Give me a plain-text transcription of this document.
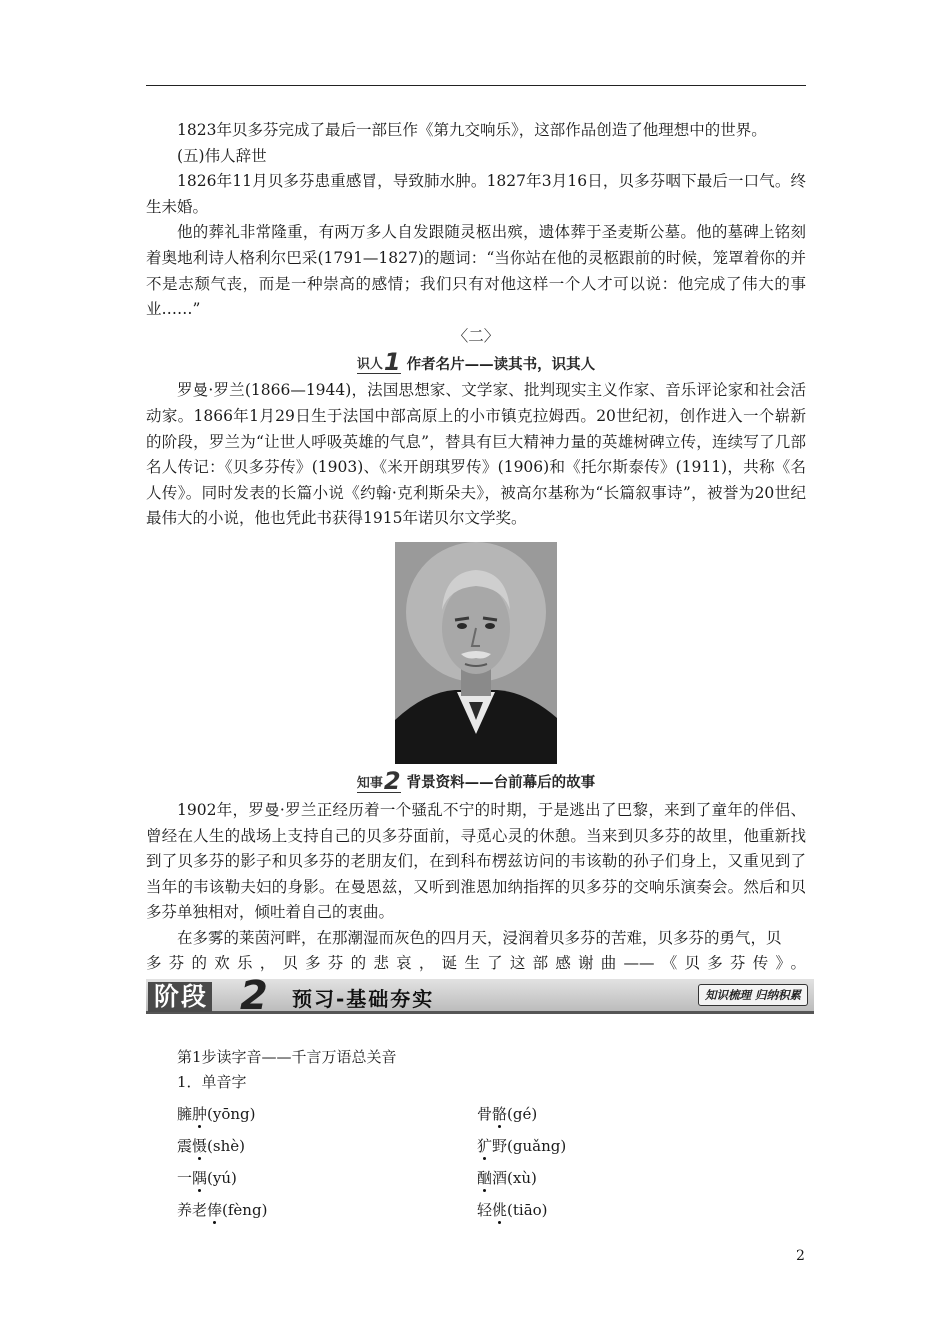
1823年贝多芬完成了最后一部巨作《第九交响乐》，这部作品创造了他理想中的世界。

(五)伟人辞世

1826年11月贝多芬患重感冒，导致肺水肿。1827年3月16日，贝多芬咽下最后一口气。终生未婚。

他的葬礼非常隆重，有两万多人自发跟随灵柩出殡，遗体葬于圣麦斯公墓。他的墓碑上铭刻着奥地利诗人格利尔巴采(1791—1827)的题词：“当你站在他的灵柩跟前的时候，笼罩着你的并不是志颓气丧，而是一种崇高的感情；我们只有对他这样一个人才可以说：他完成了伟大的事业……”

〈二〉

识人 1 作者名片——读其书，识其人

罗曼·罗兰(1866—1944)，法国思想家、文学家、批判现实主义作家、音乐评论家和社会活动家。1866年1月29日生于法国中部高原上的小市镇克拉姆西。20世纪初，创作进入一个崭新的阶段，罗兰为“让世人呼吸英雄的气息”，替具有巨大精神力量的英雄树碑立传，连续写了几部名人传记：《贝多芬传》(1903)、《米开朗琪罗传》(1906)和《托尔斯泰传》(1911)，共称《名人传》。同时发表的长篇小说《约翰·克利斯朵夫》，被高尔基称为“长篇叙事诗”，被誉为20世纪最伟大的小说，他也凭此书获得1915年诺贝尔文学奖。

知事 2 背景资料——台前幕后的故事

1902年，罗曼·罗兰正经历着一个骚乱不宁的时期，于是逃出了巴黎，来到了童年的伴侣、曾经在人生的战场上支持自己的贝多芬面前，寻觅心灵的休憩。当来到贝多芬的故里，他重新找到了贝多芬的影子和贝多芬的老朋友们，在到科布楞兹访问的韦该勒的孙子们身上，又重见到了当年的韦该勒夫妇的身影。在曼恩兹，又听到淮恩加纳指挥的贝多芬的交响乐演奏会。然后和贝多芬单独相对，倾吐着自己的衷曲。

在多雾的莱茵河畔，在那潮湿而灰色的四月天，浸润着贝多芬的苦难，贝多芬的勇气，贝

多芬的欢乐，贝多芬的悲哀，诞生了这部感谢曲——《贝多芬传》。

阶段 2 预习-基础夯实	知识梳理 归纳积累

第1步读字音——千言万语总关音

1．单音字

臃肿(yōng)	骨骼(gé)
震慑(shè)	犷野(guǎng)
一隅(yú)	酗酒(xù)
养老俸(fèng)	轻佻(tiāo)
2
